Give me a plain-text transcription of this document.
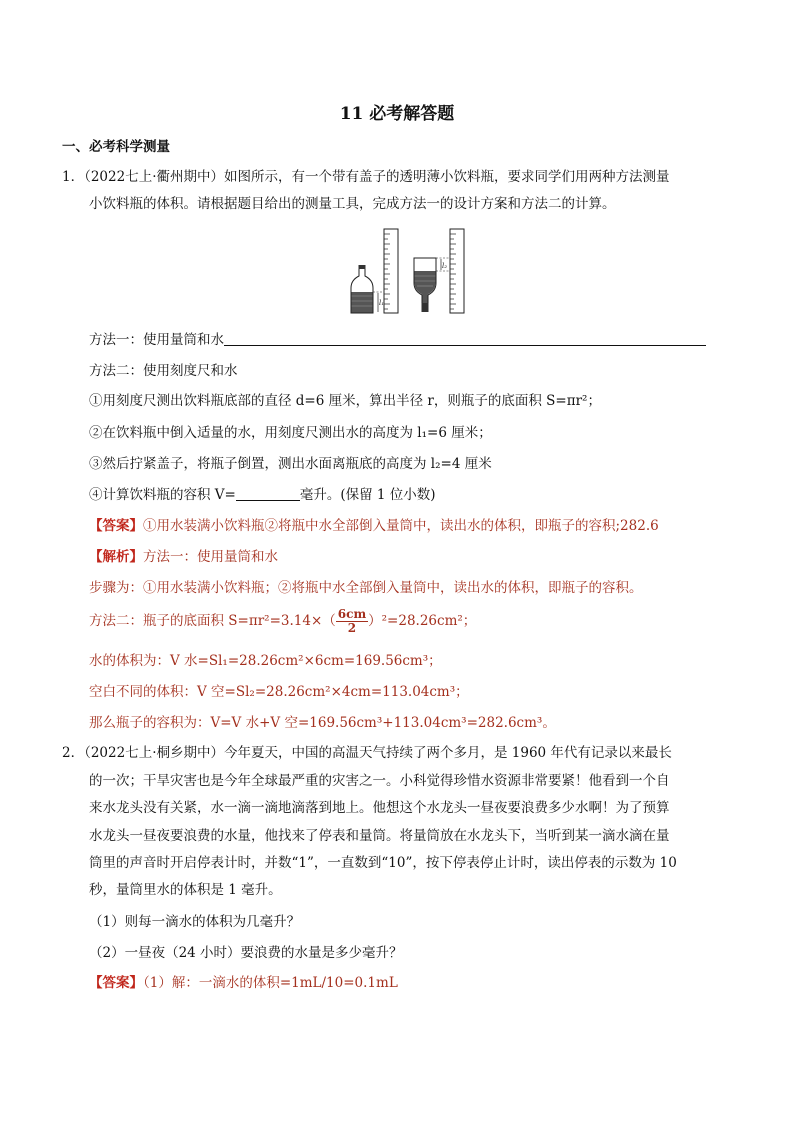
11 必考解答题
一、必考科学测量
1．（2022七上·衢州期中）如图所示，有一个带有盖子的透明薄小饮料瓶，要求同学们用两种方法测量
小饮料瓶的体积。请根据题目给出的测量工具，完成方法一的设计方案和方法二的计算。
l₁
l₂
方法一：使用量筒和水
方法二：使用刻度尺和水
①用刻度尺测出饮料瓶底部的直径 d=6 厘米，算出半径 r，则瓶子的底面积 S=πr²；
②在饮料瓶中倒入适量的水，用刻度尺测出水的高度为 l₁=6 厘米；
③然后拧紧盖子，将瓶子倒置，测出水面离瓶底的高度为 l₂=4 厘米
④计算饮料瓶的容积 V=	毫升。(保留 1 位小数)
【答案】①用水装满小饮料瓶②将瓶中水全部倒入量筒中，读出水的体积，即瓶子的容积;282.6
【解析】方法一：使用量筒和水
步骤为：①用水装满小饮料瓶；②将瓶中水全部倒入量筒中，读出水的体积，即瓶子的容积。
方法二：瓶子的底面积 $S=\pi r^2=3.14\times( \frac{6cm}{2} )^2=28.26cm^2$；
水的体积为：V 水=Sl₁=28.26cm²×6cm=169.56cm³；
空白不同的体积：V 空=Sl₂=28.26cm²×4cm=113.04cm³；
那么瓶子的容积为：V=V 水+V 空=169.56cm³+113.04cm³=282.6cm³。
2．（2022七上·桐乡期中）今年夏天，中国的高温天气持续了两个多月，是 1960 年代有记录以来最长
的一次；干旱灾害也是今年全球最严重的灾害之一。小科觉得珍惜水资源非常要紧！他看到一个自
来水龙头没有关紧，水一滴一滴地滴落到地上。他想这个水龙头一昼夜要浪费多少水啊！为了预算
水龙头一昼夜要浪费的水量，他找来了停表和量筒。将量筒放在水龙头下，当听到某一滴水滴在量
筒里的声音时开启停表计时，并数“1”，一直数到“10”，按下停表停止计时，读出停表的示数为 10
秒，量筒里水的体积是 1 毫升。
（1）则每一滴水的体积为几毫升？
（2）一昼夜（24 小时）要浪费的水量是多少毫升？
【答案】（1）解：一滴水的体积=1mL/10=0.1mL
